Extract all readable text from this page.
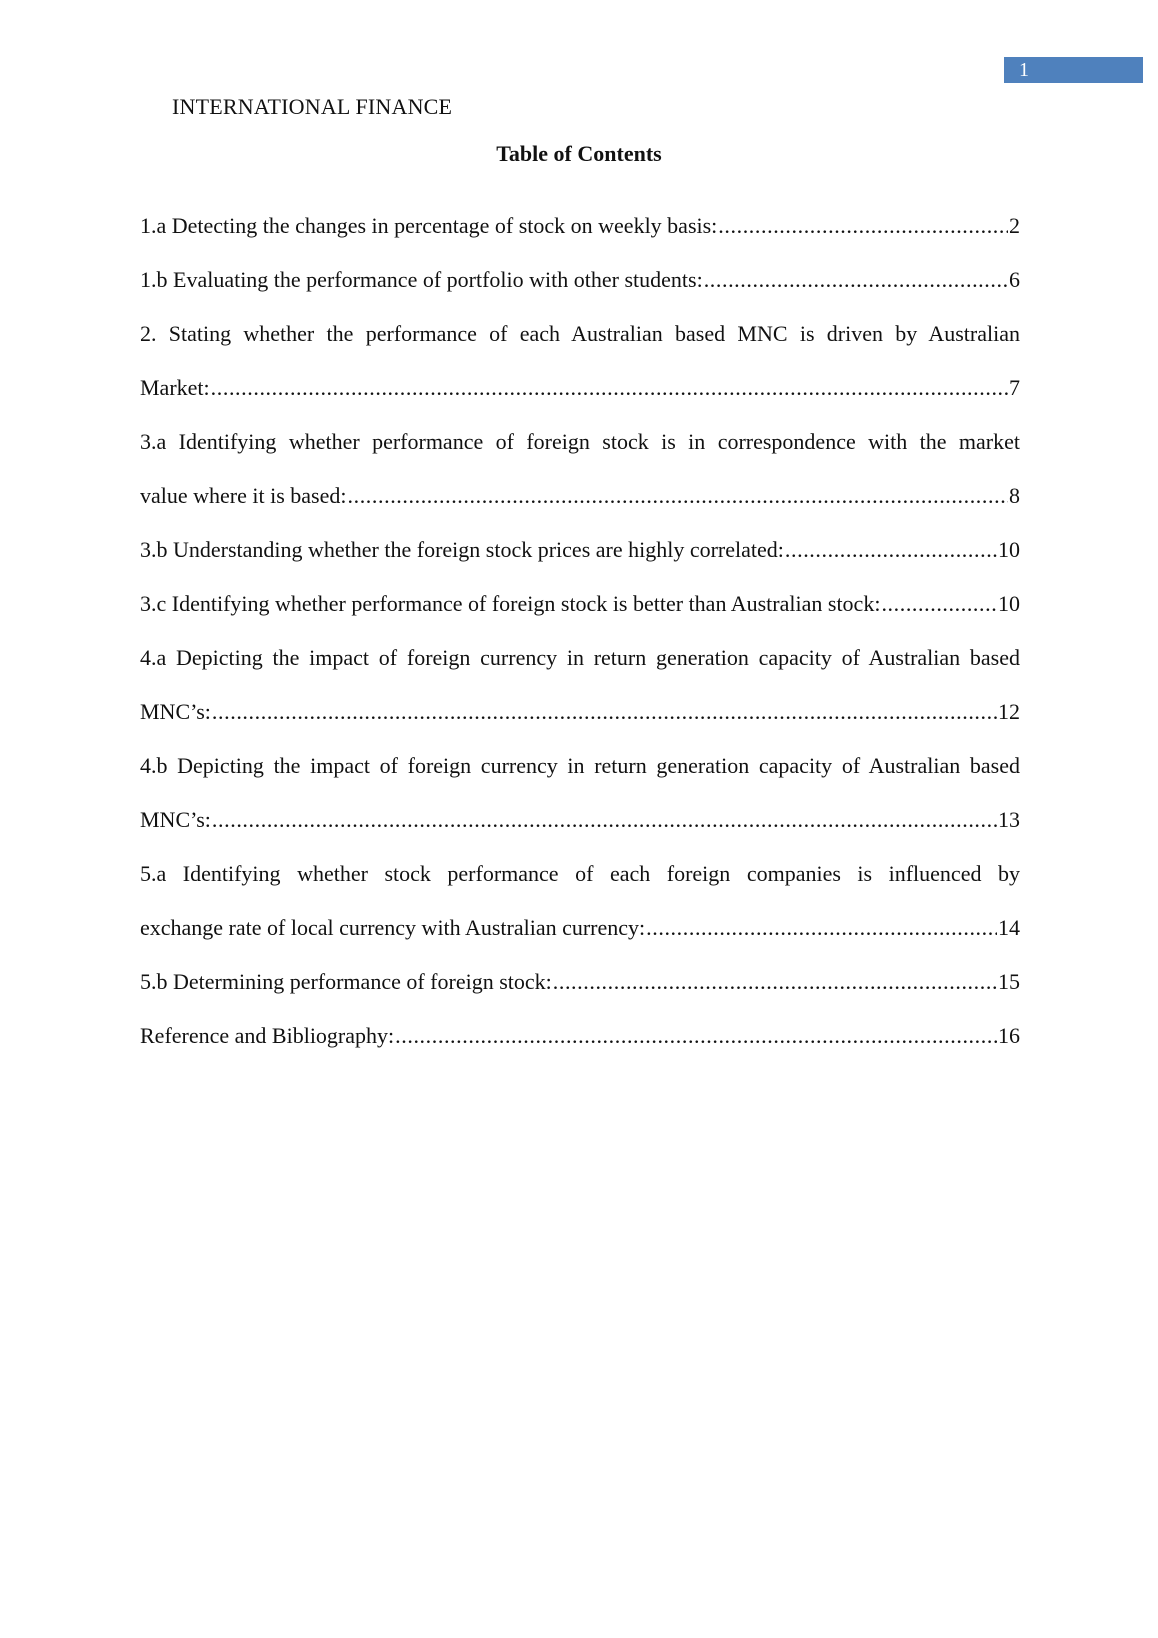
1
INTERNATIONAL FINANCE
Table of Contents
1.a Detecting the changes in percentage of stock on weekly basis: .....	2
1.b Evaluating the performance of portfolio with other students: .....	6
2. Stating whether the performance of each Australian based MNC is driven by Australian
Market: .....	7
3.a Identifying whether performance of foreign stock is in correspondence with the market
value where it is based: .....	8
3.b Understanding whether the foreign stock prices are highly correlated: .....	10
3.c Identifying whether performance of foreign stock is better than Australian stock: .....	10
4.a Depicting the impact of foreign currency in return generation capacity of Australian based
MNC’s: .....	12
4.b Depicting the impact of foreign currency in return generation capacity of Australian based
MNC’s: .....	13
5.a Identifying whether stock performance of each foreign companies is influenced by
exchange rate of local currency with Australian currency: .....	14
5.b Determining performance of foreign stock: .....	15
Reference and Bibliography: .....	16
